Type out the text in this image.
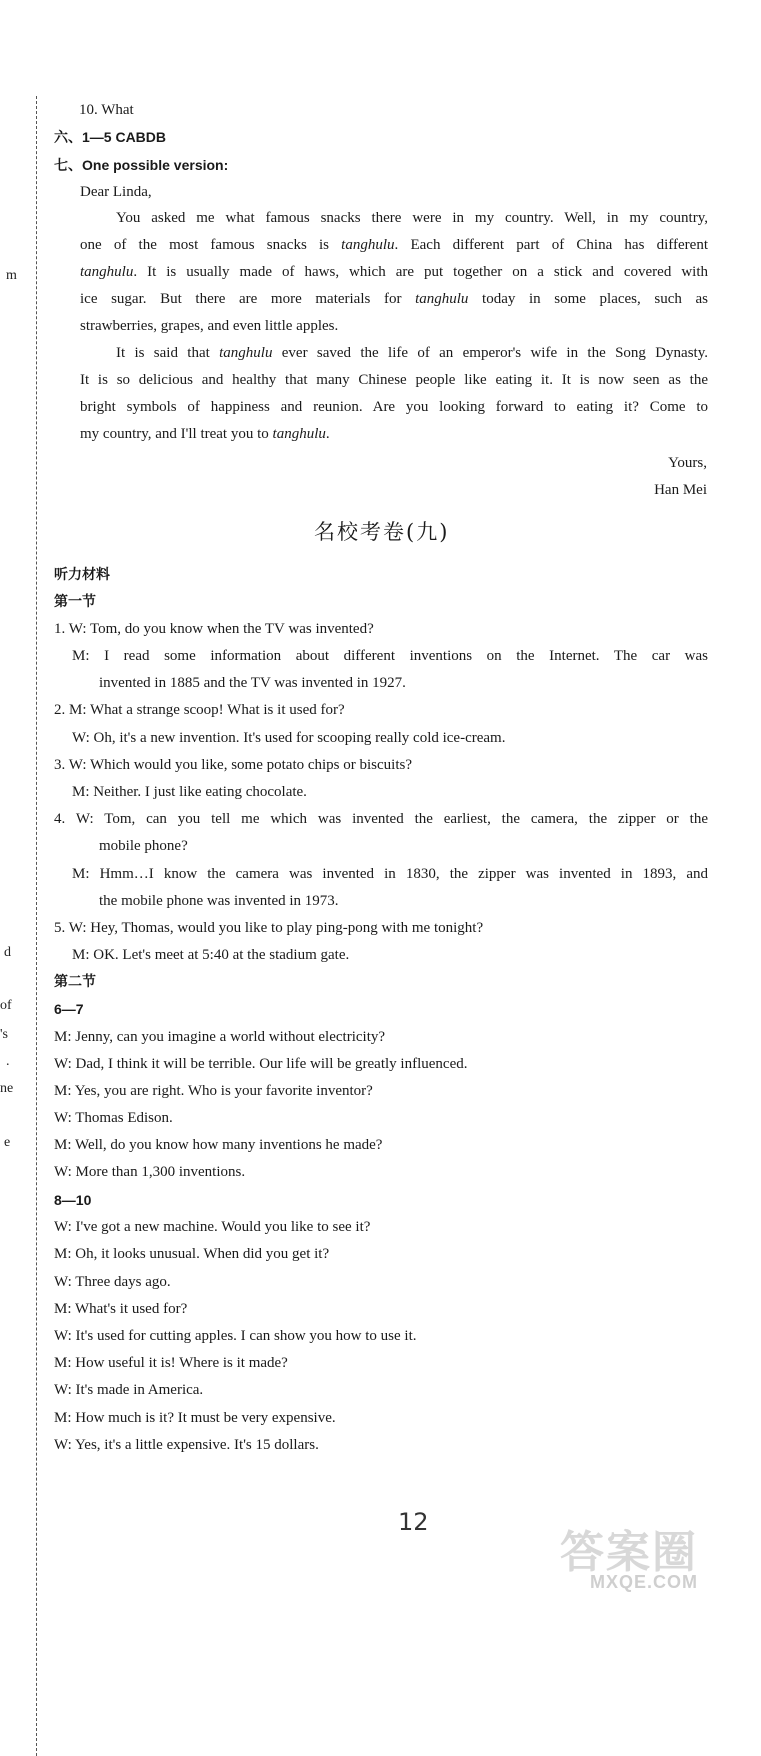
m
d
of
's
.
ne
e
10. What
六、1—5 CABDB
七、One possible version:
Dear Linda,
You asked me what famous snacks there were in my country. Well, in my country,
one of the most famous snacks is tanghulu. Each different part of China has different
tanghulu. It is usually made of haws, which are put together on a stick and covered with
ice sugar. But there are more materials for tanghulu today in some places, such as
strawberries, grapes, and even little apples.
It is said that tanghulu ever saved the life of an emperor's wife in the Song Dynasty.
It is so delicious and healthy that many Chinese people like eating it. It is now seen as the
bright symbols of happiness and reunion. Are you looking forward to eating it? Come to
my country, and I'll treat you to tanghulu.
Yours,
Han Mei
名校考卷(九)
听力材料
第一节
1. W: Tom, do you know when the TV was invented?
M: I read some information about different inventions on the Internet. The car was
invented in 1885 and the TV was invented in 1927.
2. M: What a strange scoop! What is it used for?
W: Oh, it's a new invention. It's used for scooping really cold ice-cream.
3. W: Which would you like, some potato chips or biscuits?
M: Neither. I just like eating chocolate.
4. W: Tom, can you tell me which was invented the earliest, the camera, the zipper or the
mobile phone?
M: Hmm…I know the camera was invented in 1830, the zipper was invented in 1893, and
the mobile phone was invented in 1973.
5. W: Hey, Thomas, would you like to play ping-pong with me tonight?
M: OK. Let's meet at 5:40 at the stadium gate.
第二节
6—7
M: Jenny, can you imagine a world without electricity?
W: Dad, I think it will be terrible. Our life will be greatly influenced.
M: Yes, you are right. Who is your favorite inventor?
W: Thomas Edison.
M: Well, do you know how many inventions he made?
W: More than 1,300 inventions.
8—10
W: I've got a new machine. Would you like to see it?
M: Oh, it looks unusual. When did you get it?
W: Three days ago.
M: What's it used for?
W: It's used for cutting apples. I can show you how to use it.
M: How useful it is! Where is it made?
W: It's made in America.
M: How much is it? It must be very expensive.
W: Yes, it's a little expensive. It's 15 dollars.
12
答案圈
MXQE.COM
